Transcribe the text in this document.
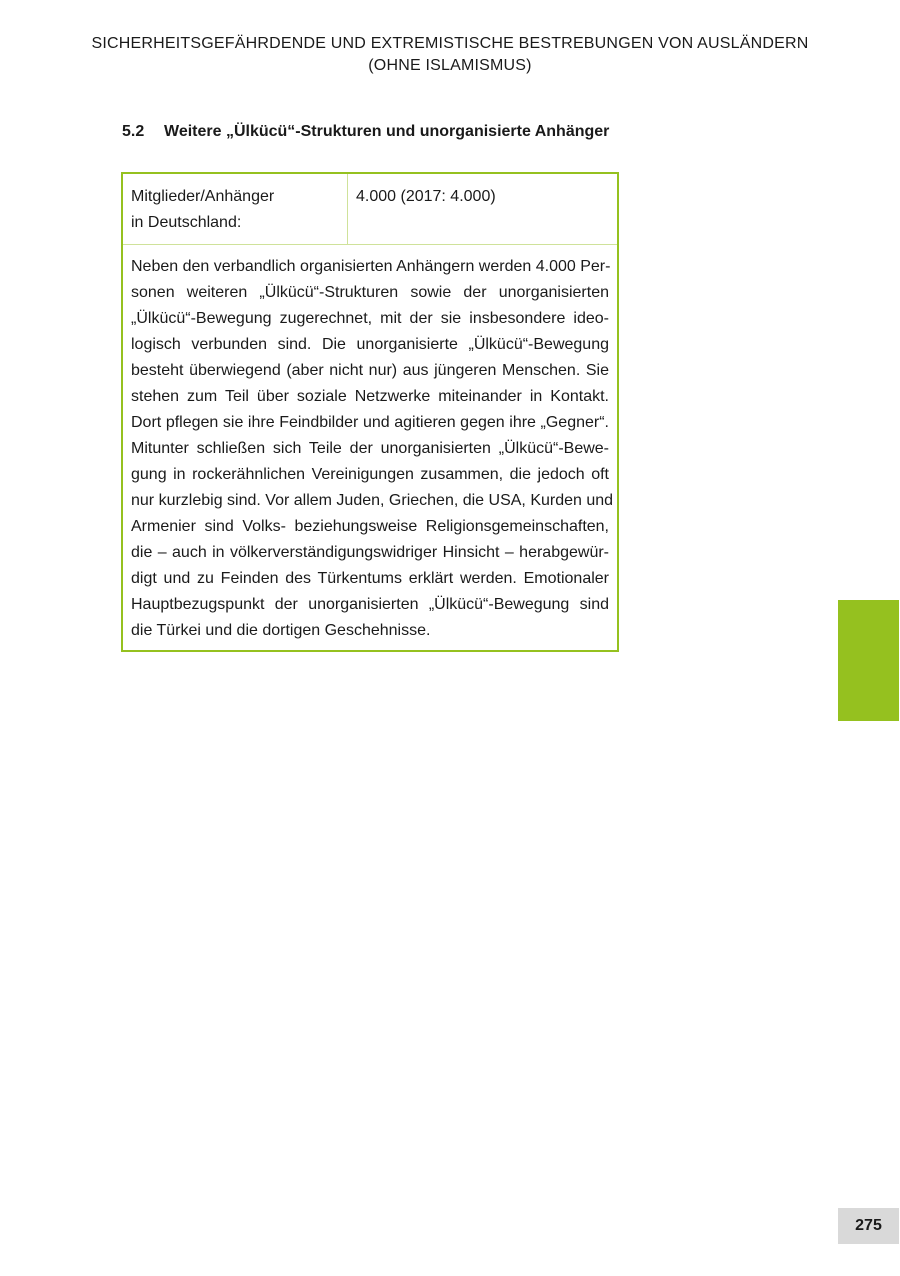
SICHERHEITSGEFÄHRDENDE UND EXTREMISTISCHE BESTREBUNGEN VON AUSLÄNDERN
(OHNE ISLAMISMUS)
5.2 Weitere „Ülkücü“-Strukturen und unorganisierte Anhänger
Mitglieder/Anhänger
in Deutschland:
4.000 (2017: 4.000)
Neben den verbandlich organisierten Anhängern werden 4.000 Per-
sonen weiteren „Ülkücü“-Strukturen sowie der unorganisierten
„Ülkücü“-Bewegung zugerechnet, mit der sie insbesondere ideo-
logisch verbunden sind. Die unorganisierte „Ülkücü“-Bewegung
besteht überwiegend (aber nicht nur) aus jüngeren Menschen. Sie
stehen zum Teil über soziale Netzwerke miteinander in Kontakt.
Dort pflegen sie ihre Feindbilder und agitieren gegen ihre „Gegner“.
Mitunter schließen sich Teile der unorganisierten „Ülkücü“-Bewe-
gung in rockerähnlichen Vereinigungen zusammen, die jedoch oft
nur kurzlebig sind. Vor allem Juden, Griechen, die USA, Kurden und
Armenier sind Volks- beziehungsweise Religionsgemeinschaften,
die – auch in völkerverständigungswidriger Hinsicht – herabgewür-
digt und zu Feinden des Türkentums erklärt werden. Emotionaler
Hauptbezugspunkt der unorganisierten „Ülkücü“-Bewegung sind
die Türkei und die dortigen Geschehnisse.
275
